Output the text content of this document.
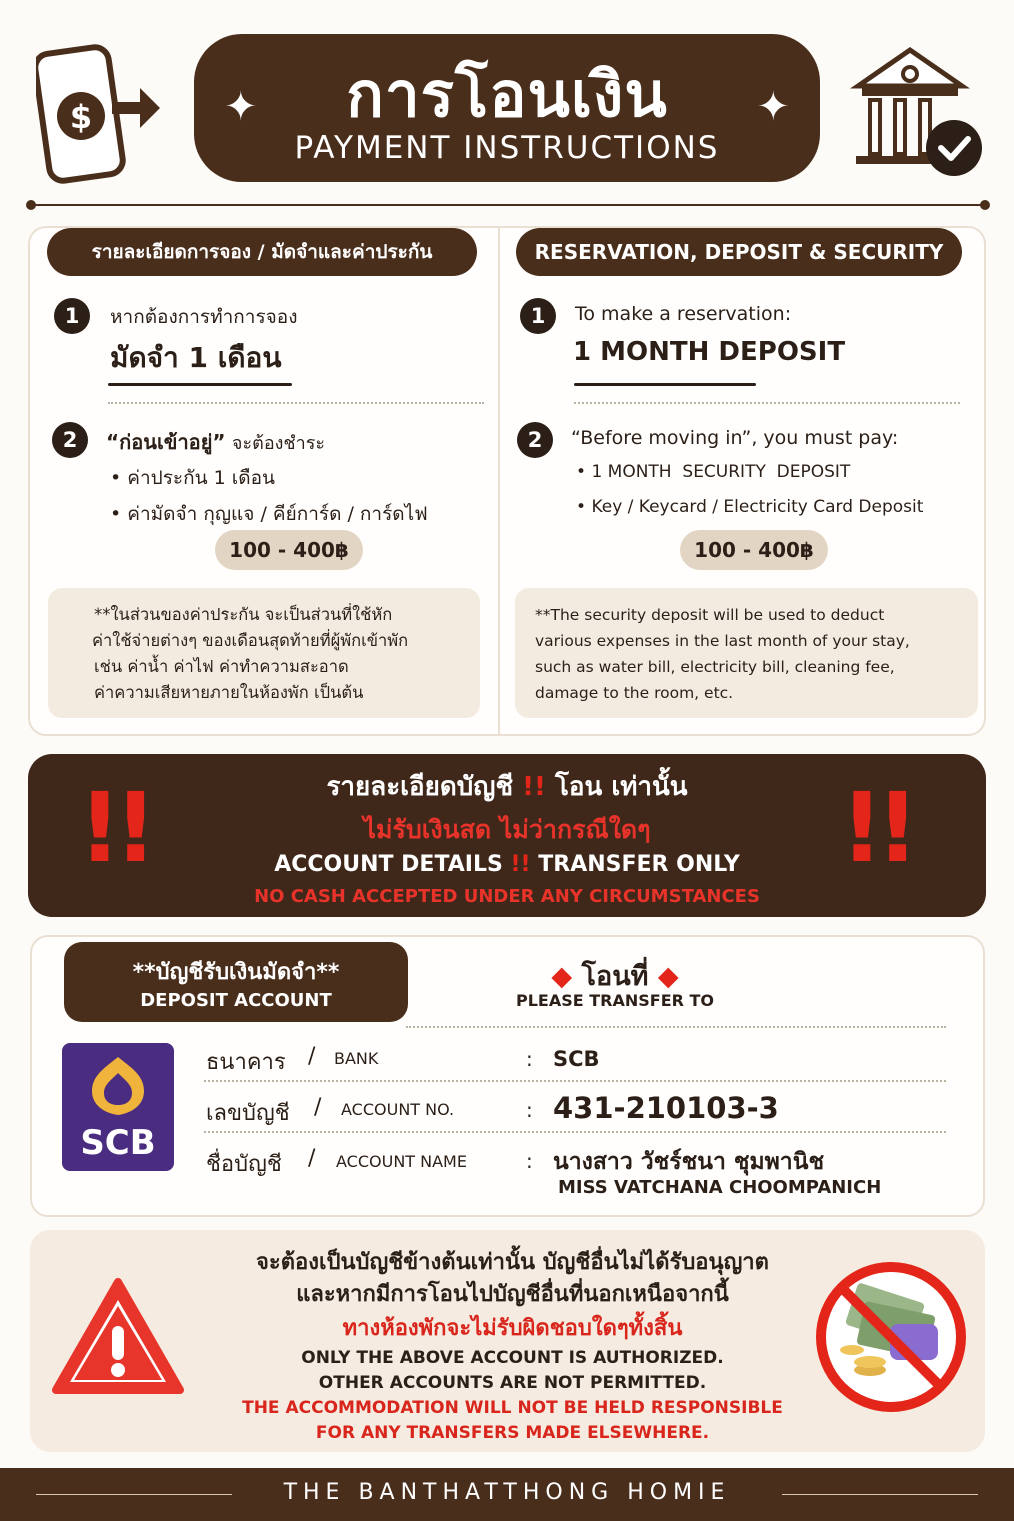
$	การโอนเงิน
PAYMENT INSTRUCTIONS
✦	✦
รายละเอียดการจอง / มัดจำและค่าประกัน
1	หากต้องการทำการจอง
มัดจำ 1 เดือน
2	“ก่อนเข้าอยู่” จะต้องชำระ
• ค่าประกัน 1 เดือน
• ค่ามัดจำ กุญแจ / คีย์การ์ด / การ์ดไฟ
100 - 400฿
**ในส่วนของค่าประกัน จะเป็นส่วนที่ใช้หัก
ค่าใช้จ่ายต่างๆ ของเดือนสุดท้ายที่ผู้พักเข้าพัก
เช่น ค่าน้ำ ค่าไฟ ค่าทำความสะอาด
ค่าความเสียหายภายในห้องพัก เป็นต้น
RESERVATION, DEPOSIT & SECURITY
1	To make a reservation:
1 MONTH DEPOSIT
2	“Before moving in”, you must pay:
• 1 MONTH  SECURITY  DEPOSIT
• Key / Keycard / Electricity Card Deposit
100 - 400฿
**The security deposit will be used to deduct
various expenses in the last month of your stay,
such as water bill, electricity bill, cleaning fee,
damage to the room, etc.
!!	!!
รายละเอียดบัญชี !! โอน เท่านั้น
ไม่รับเงินสด ไม่ว่ากรณีใดๆ
ACCOUNT DETAILS !! TRANSFER ONLY
NO CASH ACCEPTED UNDER ANY CIRCUMSTANCES
**บัญชีรับเงินมัดจำ**
DEPOSIT ACCOUNT
◆ โอนที่ ◆
PLEASE TRANSFER TO
SCB
ธนาคาร / BANK	: SCB
เลขบัญชี / ACCOUNT NO.	: 431-210103-3
ชื่อบัญชี / ACCOUNT NAME	: นางสาว วัชร์ชนา ชุมพานิช
MISS VATCHANA CHOOMPANICH
จะต้องเป็นบัญชีข้างต้นเท่านั้น บัญชีอื่นไม่ได้รับอนุญาต
และหากมีการโอนไปบัญชีอื่นที่นอกเหนือจากนี้
ทางห้องพักจะไม่รับผิดชอบใดๆทั้งสิ้น
ONLY THE ABOVE ACCOUNT IS AUTHORIZED.
OTHER ACCOUNTS ARE NOT PERMITTED.
THE ACCOMMODATION WILL NOT BE HELD RESPONSIBLE
FOR ANY TRANSFERS MADE ELSEWHERE.
THE BANTHATTHONG HOMIE
